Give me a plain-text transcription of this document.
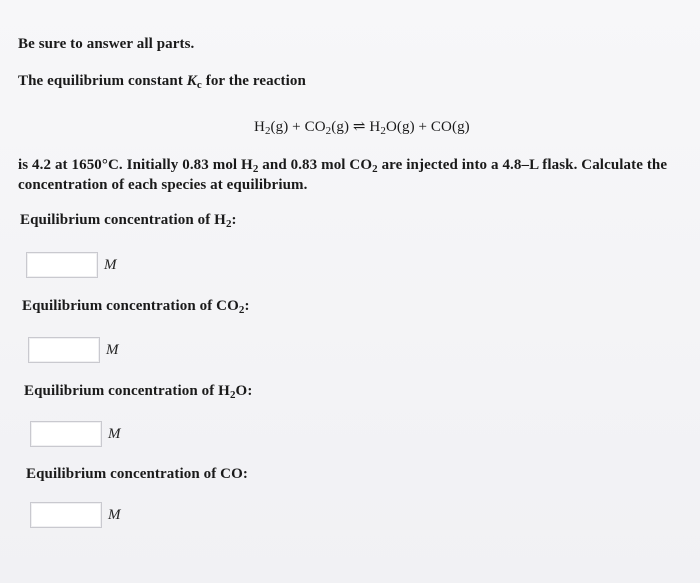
Be sure to answer all parts.
The equilibrium constant $K_c$ for the reaction
$H_2(g) + CO_2(g)$ ⇌ $H_2O(g) + CO(g)$
is 4.2 at 1650°C. Initially 0.83 mol $H_2$ and 0.83 mol $CO_2$ are injected into a 4.8–L flask. Calculate the
concentration of each species at equilibrium.
Equilibrium concentration of $H_2$:
M
Equilibrium concentration of $CO_2$:
M
Equilibrium concentration of $H_2O$:
M
Equilibrium concentration of CO:
M
